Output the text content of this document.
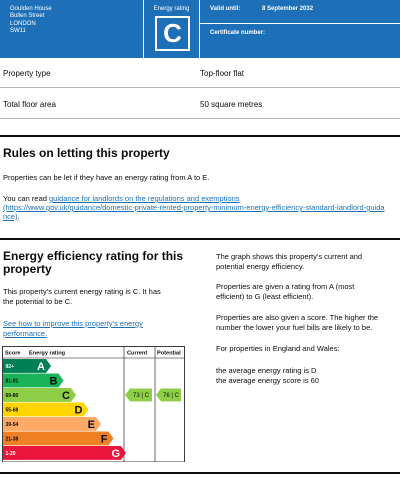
Goulden House
Bullen Street
LONDON
SW11
Energy rating
C
Valid until:	8 September 2032
Certificate number:
Property type	Top-floor flat
Total floor area	50 square metres
Rules on letting this property
Properties can be let if they have an energy rating from A to E.
You can read guidance for landlords on the regulations and exemptions
(https://www.gov.uk/guidance/domestic-private-rented-property-minimum-energy-efficiency-standard-landlord-guidance).
Energy efficiency rating for this
property
This property's current energy rating is C. It has
the potential to be C.
See how to improve this property's energy
performance.
The graph shows this property's current and
potential energy efficiency.
Properties are given a rating from A (most
efficient) to G (least efficient).
Properties are also given a score. The higher the
number the lower your fuel bills are likely to be.
For properties in England and Wales:
the average energy rating is D
the average energy score is 60
Score Energy rating	Current Potential
92+ A
81-91	B
69-80	C
55-68	D
39-54	E
21-38	F
1-20	G
73 | C 76 | C
